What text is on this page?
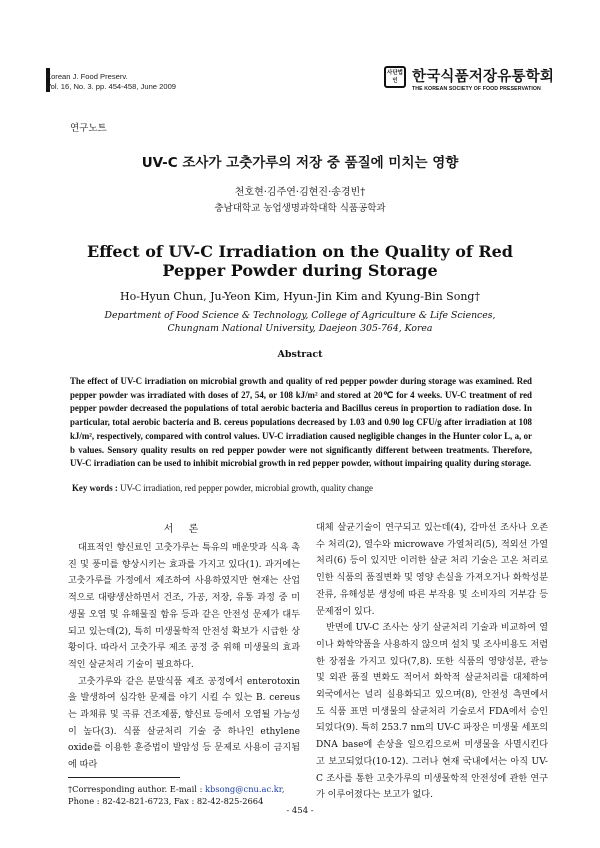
Korean J. Food Preserv.
Vol. 16, No. 3. pp. 454-458, June 2009
사단법인 한국식품저장유통학회
THE KOREAN SOCIETY OF FOOD PRESERVATION
연구노트
UV-C 조사가 고춧가루의 저장 중 품질에 미치는 영향
천호현·김주연·김현진·송경빈†
충남대학교 농업생명과학대학 식품공학과
Effect of UV-C Irradiation on the Quality of Red Pepper Powder during Storage
Ho-Hyun Chun, Ju-Yeon Kim, Hyun-Jin Kim and Kyung-Bin Song†
Department of Food Science & Technology, College of Agriculture & Life Sciences, Chungnam National University, Daejeon 305-764, Korea
Abstract
The effect of UV-C irradiation on microbial growth and quality of red pepper powder during storage was examined. Red pepper powder was irradiated with doses of 27, 54, or 108 kJ/m² and stored at 20℃ for 4 weeks. UV-C treatment of red pepper powder decreased the populations of total aerobic bacteria and Bacillus cereus in proportion to radiation dose. In particular, total aerobic bacteria and B. cereus populations decreased by 1.03 and 0.90 log CFU/g after irradiation at 108 kJ/m², respectively, compared with control values. UV-C irradiation caused negligible changes in the Hunter color L, a, or b values. Sensory quality results on red pepper powder were not significantly different between treatments. Therefore, UV-C irradiation can be used to inhibit microbial growth in red pepper powder, without impairing quality during storage.
Key words : UV-C irradiation, red pepper powder, microbial growth, quality change
서 론

대표적인 향신료인 고춧가루는 특유의 매운맛과 식욕 촉진 및 풍미를 향상시키는 효과를 가지고 있다(1). 과거에는 고춧가루를 가정에서 제조하여 사용하였지만 현재는 산업적으로 대량생산하면서 건조, 가공, 저장, 유통 과정 중 미생물 오염 및 유해물질 함유 등과 같은 안전성 문제가 대두되고 있는데(2), 특히 미생물학적 안전성 확보가 시급한 상황이다. 따라서 고춧가루 제조 공정 중 위해 미생물의 효과적인 살균처리 기술이 필요하다.

고춧가루와 같은 분말식품 제조 공정에서 enterotoxin을 발생하여 심각한 문제를 야기 시킬 수 있는 B. cereus는 과채류 및 곡류 건조제품, 향신료 등에서 오염될 가능성이 높다(3). 식품 살균처리 기술 중 하나인 ethylene oxide를 이용한 훈증법이 발암성 등 문제로 사용이 금지됨에 따라

대체 살균기술이 연구되고 있는데(4), 감마선 조사나 오존수 처리(2), 열수와 microwave 가열처리(5), 적외선 가열처리(6) 등이 있지만 이러한 살균 처리 기술은 고온 처리로 인한 식품의 품질변화 및 영양 손실을 가져오거나 화학성분 잔류, 유해성분 생성에 따른 부작용 및 소비자의 거부감 등 문제점이 있다.

반면에 UV-C 조사는 상기 살균처리 기술과 비교하여 열이나 화학약품을 사용하지 않으며 설치 및 조사비용도 저렴한 장점을 가지고 있다(7,8). 또한 식품의 영양성분, 관능 및 외관 품질 변화도 적어서 화학적 살균처리를 대체하여 외국에서는 널리 실용화되고 있으며(8), 안전성 측면에서도 식품 표면 미생물의 살균처리 기술로서 FDA에서 승인되었다(9). 특히 253.7 nm의 UV-C 파장은 미생물 세포의 DNA base에 손상을 일으킴으로써 미생물을 사멸시킨다고 보고되었다(10-12). 그러나 현재 국내에서는 아직 UV-C 조사를 통한 고춧가루의 미생물학적 안전성에 관한 연구가 이루어졌다는 보고가 없다.

†Corresponding author. E-mail : kbsong@cnu.ac.kr,
Phone : 82-42-821-6723, Fax : 82-42-825-2664
- 454 -
